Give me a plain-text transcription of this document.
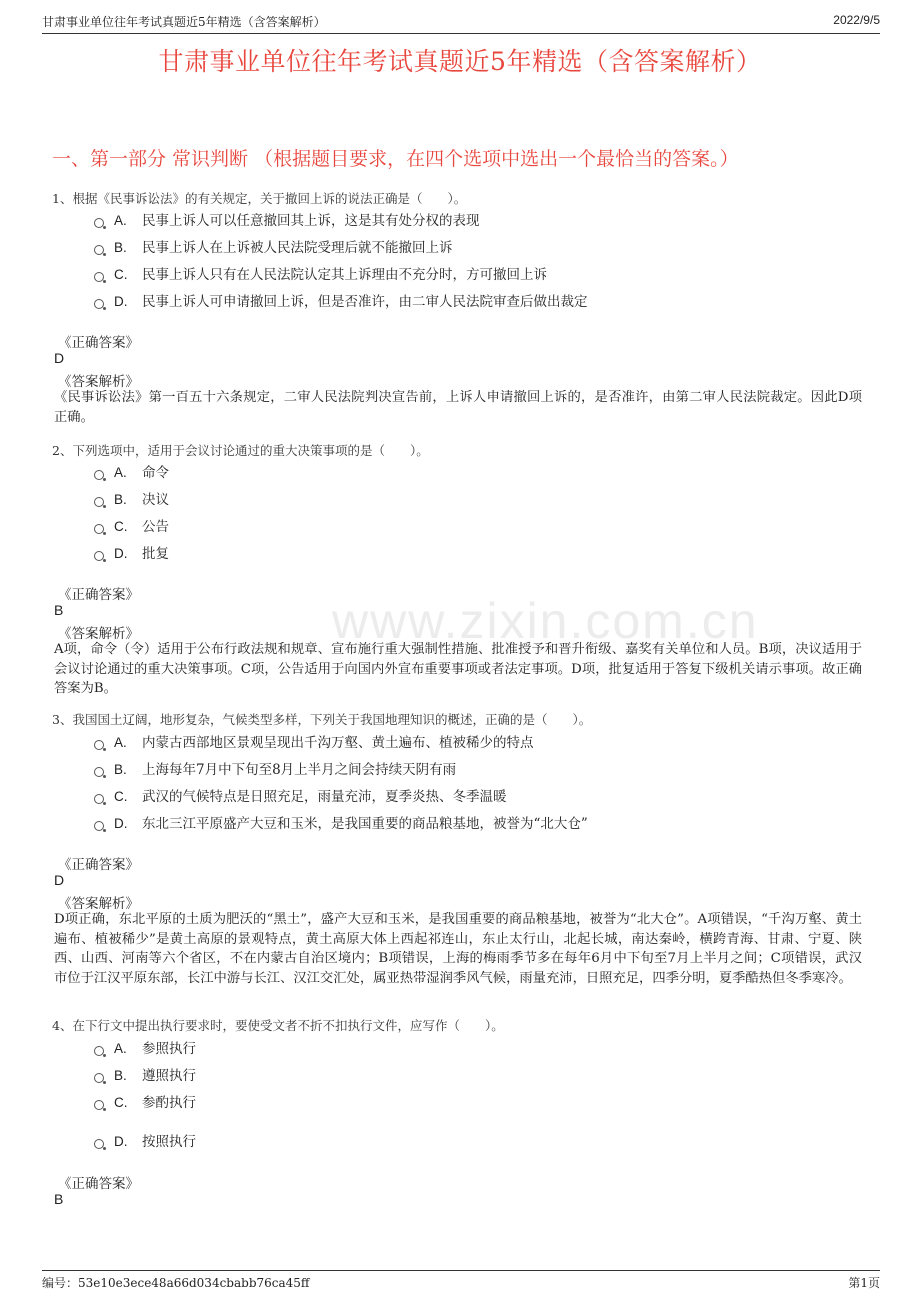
甘肃事业单位往年考试真题近5年精选（含答案解析）	2022/9/5
甘肃事业单位往年考试真题近5年精选（含答案解析）
一、第一部分 常识判断 （根据题目要求，在四个选项中选出一个最恰当的答案。）
www.zixin.com.cn
1、根据《民事诉讼法》的有关规定，关于撤回上诉的说法正确是（　　）。
A. 民事上诉人可以任意撤回其上诉，这是其有处分权的表现
B. 民事上诉人在上诉被人民法院受理后就不能撤回上诉
C. 民事上诉人只有在人民法院认定其上诉理由不充分时，方可撤回上诉
D. 民事上诉人可申请撤回上诉，但是否准许，由二审人民法院审查后做出裁定
《正确答案》
D
《答案解析》
《民事诉讼法》第一百五十六条规定，二审人民法院判决宣告前，上诉人申请撤回上诉的，是否准许，由第二审人民法院裁定。因此D项正确。
2、下列选项中，适用于会议讨论通过的重大决策事项的是（　　）。
A. 命令
B. 决议
C. 公告
D. 批复
《正确答案》
B
《答案解析》
A项，命令（令）适用于公布行政法规和规章、宣布施行重大强制性措施、批准授予和晋升衔级、嘉奖有关单位和人员。B项，决议适用于会议讨论通过的重大决策事项。C项，公告适用于向国内外宣布重要事项或者法定事项。D项，批复适用于答复下级机关请示事项。故正确答案为B。
3、我国国土辽阔，地形复杂，气候类型多样，下列关于我国地理知识的概述，正确的是（　　）。
A. 内蒙古西部地区景观呈现出千沟万壑、黄土遍布、植被稀少的特点
B. 上海每年7月中下旬至8月上半月之间会持续天阴有雨
C. 武汉的气候特点是日照充足，雨量充沛，夏季炎热、冬季温暖
D. 东北三江平原盛产大豆和玉米，是我国重要的商品粮基地，被誉为“北大仓”
《正确答案》
D
《答案解析》
D项正确，东北平原的土质为肥沃的“黑土”，盛产大豆和玉米，是我国重要的商品粮基地，被誉为“北大仓”。A项错误，“千沟万壑、黄土遍布、植被稀少”是黄土高原的景观特点，黄土高原大体上西起祁连山，东止太行山，北起长城，南达秦岭，横跨青海、甘肃、宁夏、陕西、山西、河南等六个省区，不在内蒙古自治区境内；B项错误，上海的梅雨季节多在每年6月中下旬至7月上半月之间；C项错误，武汉市位于江汉平原东部，长江中游与长江、汉江交汇处，属亚热带湿润季风气候，雨量充沛，日照充足，四季分明，夏季酷热但冬季寒冷。
4、在下行文中提出执行要求时，要使受文者不折不扣执行文件，应写作（　　）。
A. 参照执行
B. 遵照执行
C. 参酌执行
D. 按照执行
《正确答案》
B
编号：53e10e3ece48a66d034cbabb76ca45ff	第1页
